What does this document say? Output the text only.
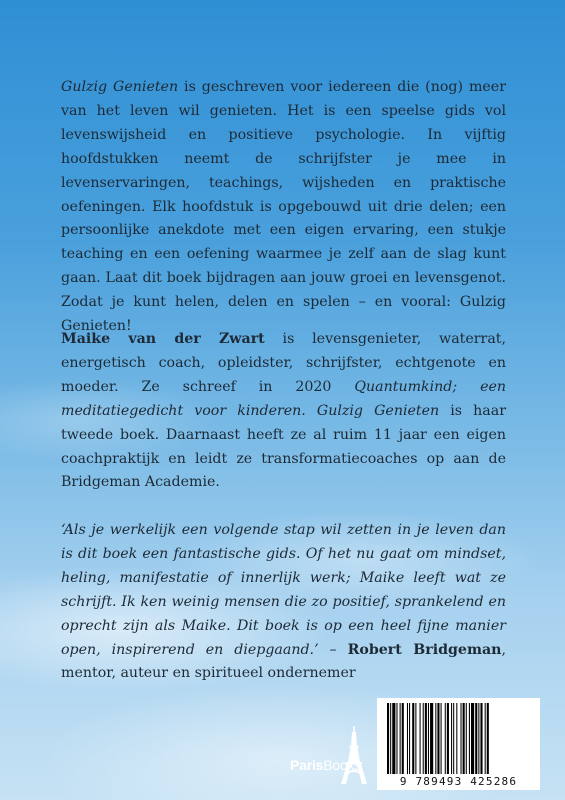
Gulzig Genieten is geschreven voor iedereen die (nog) meer van het leven wil genieten. Het is een speelse gids vol levenswijsheid en positieve psychologie. In vijftig hoofdstukken neemt de schrijfster je mee in levenservaringen, teachings, wijsheden en praktische oefeningen. Elk hoofdstuk is opgebouwd uit drie delen; een persoonlijke anekdote met een eigen ervaring, een stukje teaching en een oefening waarmee je zelf aan de slag kunt gaan. Laat dit boek bijdragen aan jouw groei en levensgenot. Zodat je kunt helen, delen en spelen – en vooral: Gulzig Genieten!

Maike van der Zwart is levensgenieter, waterrat, energetisch coach, opleidster, schrijfster, echtgenote en moeder. Ze schreef in 2020 Quantumkind; een meditatiegedicht voor kinderen. Gulzig Genieten is haar tweede boek. Daarnaast heeft ze al ruim 11 jaar een eigen coachpraktijk en leidt ze transformatiecoaches op aan de Bridgeman Academie.

‘Als je werkelijk een volgende stap wil zetten in je leven dan is dit boek een fantastische gids. Of het nu gaat om mindset, heling, manifestatie of innerlijk werk; Maike leeft wat ze schrijft. Ik ken weinig mensen die zo positief, sprankelend en oprecht zijn als Maike. Dit boek is op een heel fijne manier open, inspirerend en diepgaand.’ – Robert Bridgeman, mentor, auteur en spiritueel ondernemer

ParisBooks
9 789493 425286
